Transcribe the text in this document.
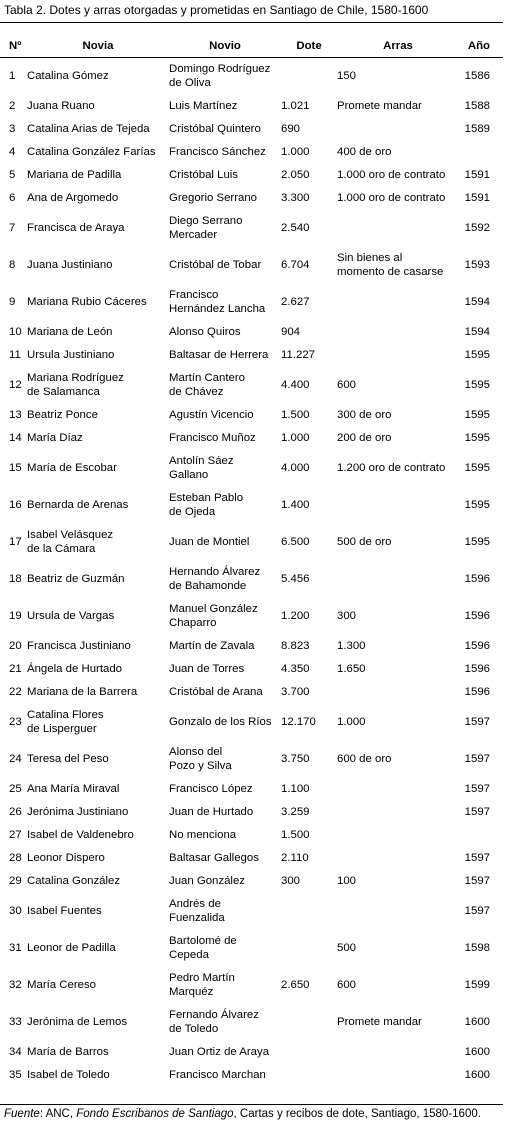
Tabla 2. Dotes y arras otorgadas y prometidas en Santiago de Chile, 1580-1600
Nº	Novia	Novio	Dote	Arras	Año
1	Catalina Gómez	Domingo Rodríguez
de Oliva		150	1586
2	Juana Ruano	Luis Martínez	1.021	Promete mandar	1588
3	Catalina Arias de Tejeda	Cristóbal Quintero	690		1589
4	Catalina González Farías	Francisco Sánchez	1.000	400 de oro	
5	Mariana de Padilla	Cristóbal Luis	2.050	1.000 oro de contrato	1591
6	Ana de Argomedo	Gregorio Serrano	3.300	1.000 oro de contrato	1591
7	Francisca de Araya	Diego Serrano
Mercader	2.540		1592
8	Juana Justiniano	Cristóbal de Tobar	6.704	Sin bienes al
momento de casarse	1593
9	Mariana Rubio Cáceres	Francisco
Hernández Lancha	2.627		1594
10	Mariana de León	Alonso Quiros	904		1594
11	Ursula Justiniano	Baltasar de Herrera	11.227		1595
12	Mariana Rodríguez
de Salamanca	Martín Cantero
de Chávez	4.400	600	1595
13	Beatriz Ponce	Agustín Vicencio	1.500	300 de oro	1595
14	María Díaz	Francisco Muñoz	1.000	200 de oro	1595
15	María de Escobar	Antolín Sáez
Gallano	4.000	1.200 oro de contrato	1595
16	Bernarda de Arenas	Esteban Pablo
de Ojeda	1.400		1595
17	Isabel Velásquez
de la Cámara	Juan de Montiel	6.500	500 de oro	1595
18	Beatriz de Guzmán	Hernando Álvarez
de Bahamonde	5.456		1596
19	Ursula de Vargas	Manuel González
Chaparro	1.200	300	1596
20	Francisca Justiniano	Martín de Zavala	8.823	1.300	1596
21	Ángela de Hurtado	Juan de Torres	4.350	1.650	1596
22	Mariana de la Barrera	Cristóbal de Arana	3.700		1596
23	Catalina Flores
de Lisperguer	Gonzalo de los Ríos	12.170	1.000	1597
24	Teresa del Peso	Alonso del
Pozo y Silva	3.750	600 de oro	1597
25	Ana María Miraval	Francisco López	1.100		1597
26	Jerónima Justiniano	Juan de Hurtado	3.259		1597
27	Isabel de Valdenebro	No menciona	1.500		
28	Leonor Dispero	Baltasar Gallegos	2.110		1597
29	Catalina González	Juan González	300	100	1597
30	Isabel Fuentes	Andrés de
Fuenzalida			1597
31	Leonor de Padilla	Bartolomé de
Cepeda		500	1598
32	María Cereso	Pedro Martín
Marquéz	2.650	600	1599
33	Jerónima de Lemos	Fernando Álvarez
de Toledo		Promete mandar	1600
34	María de Barros	Juan Ortiz de Araya			1600
35	Isabel de Toledo	Francisco Marchan			1600
Fuente: ANC, Fondo Escribanos de Santiago, Cartas y recibos de dote, Santiago, 1580-1600.
